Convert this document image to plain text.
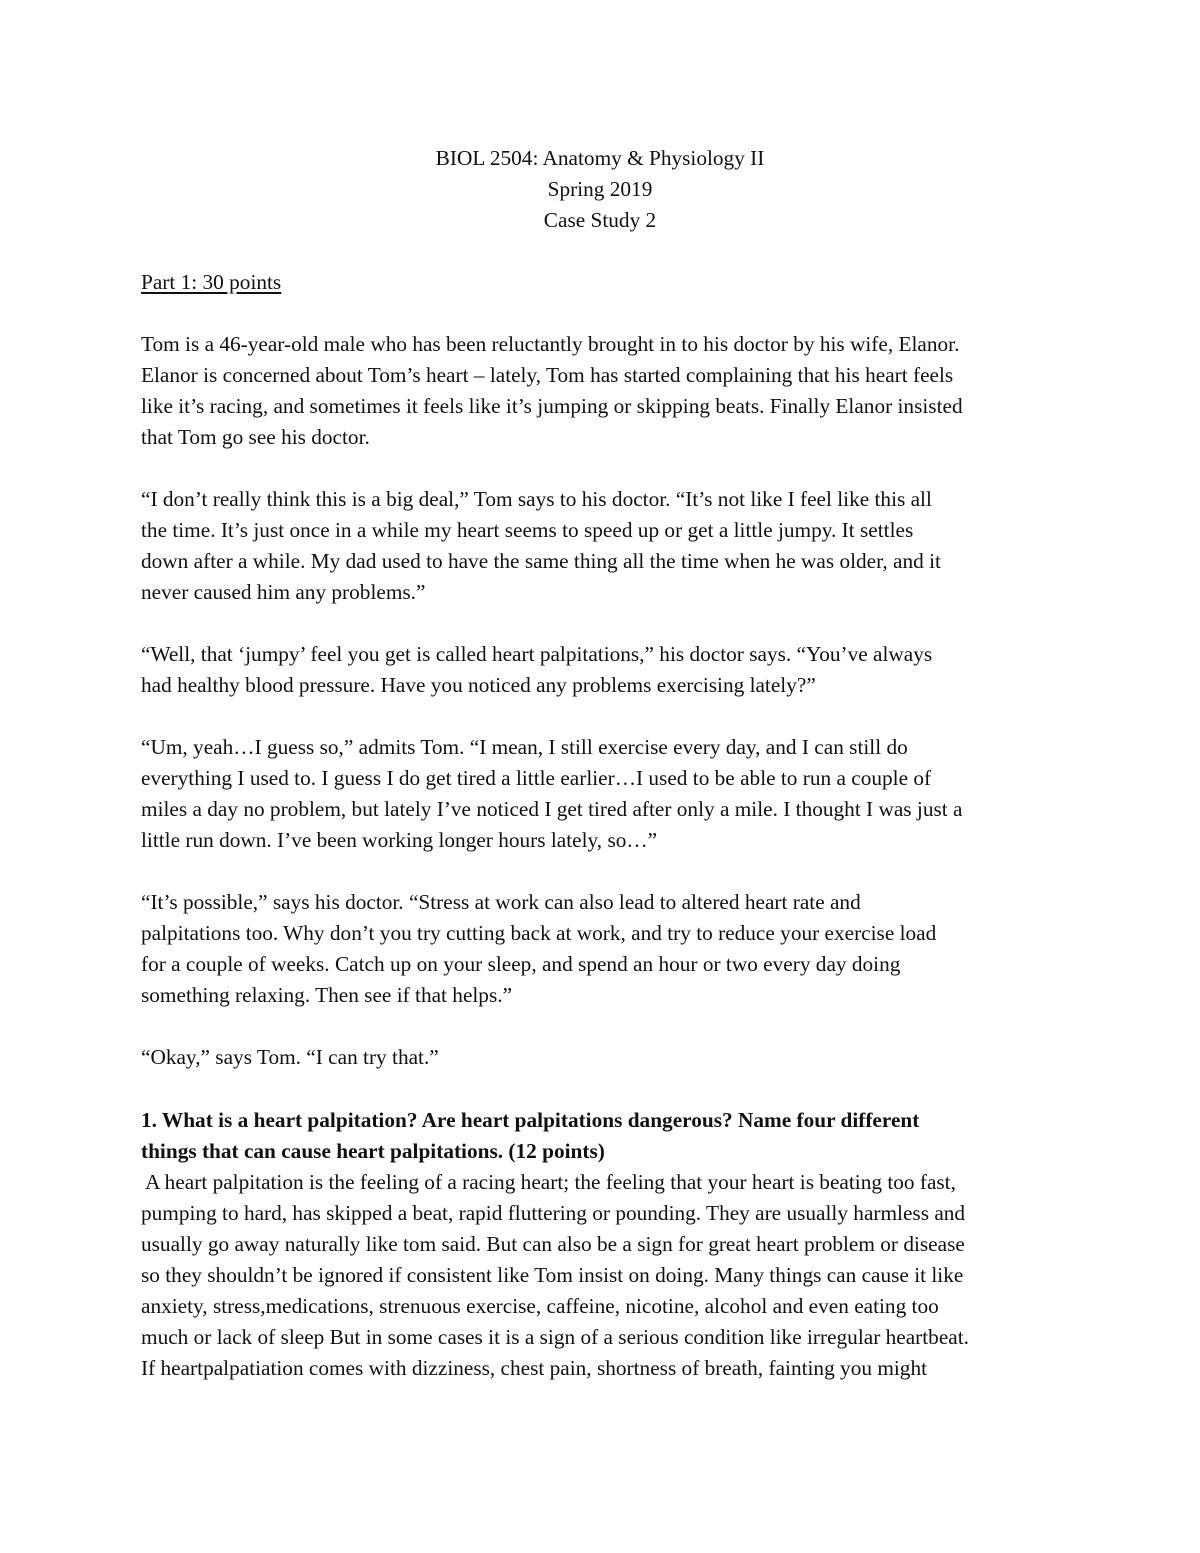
BIOL 2504: Anatomy & Physiology II
Spring 2019
Case Study 2
Part 1: 30 points
Tom is a 46-year-old male who has been reluctantly brought in to his doctor by his wife, Elanor.
Elanor is concerned about Tom’s heart – lately, Tom has started complaining that his heart feels
like it’s racing, and sometimes it feels like it’s jumping or skipping beats. Finally Elanor insisted
that Tom go see his doctor.
“I don’t really think this is a big deal,” Tom says to his doctor. “It’s not like I feel like this all
the time. It’s just once in a while my heart seems to speed up or get a little jumpy. It settles
down after a while. My dad used to have the same thing all the time when he was older, and it
never caused him any problems.”
“Well, that ‘jumpy’ feel you get is called heart palpitations,” his doctor says. “You’ve always
had healthy blood pressure. Have you noticed any problems exercising lately?”
“Um, yeah…I guess so,” admits Tom. “I mean, I still exercise every day, and I can still do
everything I used to. I guess I do get tired a little earlier…I used to be able to run a couple of
miles a day no problem, but lately I’ve noticed I get tired after only a mile. I thought I was just a
little run down. I’ve been working longer hours lately, so…”
“It’s possible,” says his doctor. “Stress at work can also lead to altered heart rate and
palpitations too. Why don’t you try cutting back at work, and try to reduce your exercise load
for a couple of weeks. Catch up on your sleep, and spend an hour or two every day doing
something relaxing. Then see if that helps.”
“Okay,” says Tom. “I can try that.”
1. What is a heart palpitation? Are heart palpitations dangerous? Name four different
things that can cause heart palpitations. (12 points)
A heart palpitation is the feeling of a racing heart; the feeling that your heart is beating too fast,
pumping to hard, has skipped a beat, rapid fluttering or pounding. They are usually harmless and
usually go away naturally like tom said. But can also be a sign for great heart problem or disease
so they shouldn’t be ignored if consistent like Tom insist on doing. Many things can cause it like
anxiety, stress,medications, strenuous exercise, caffeine, nicotine, alcohol and even eating too
much or lack of sleep But in some cases it is a sign of a serious condition like irregular heartbeat.
If heartpalpatiation comes with dizziness, chest pain, shortness of breath, fainting you might
